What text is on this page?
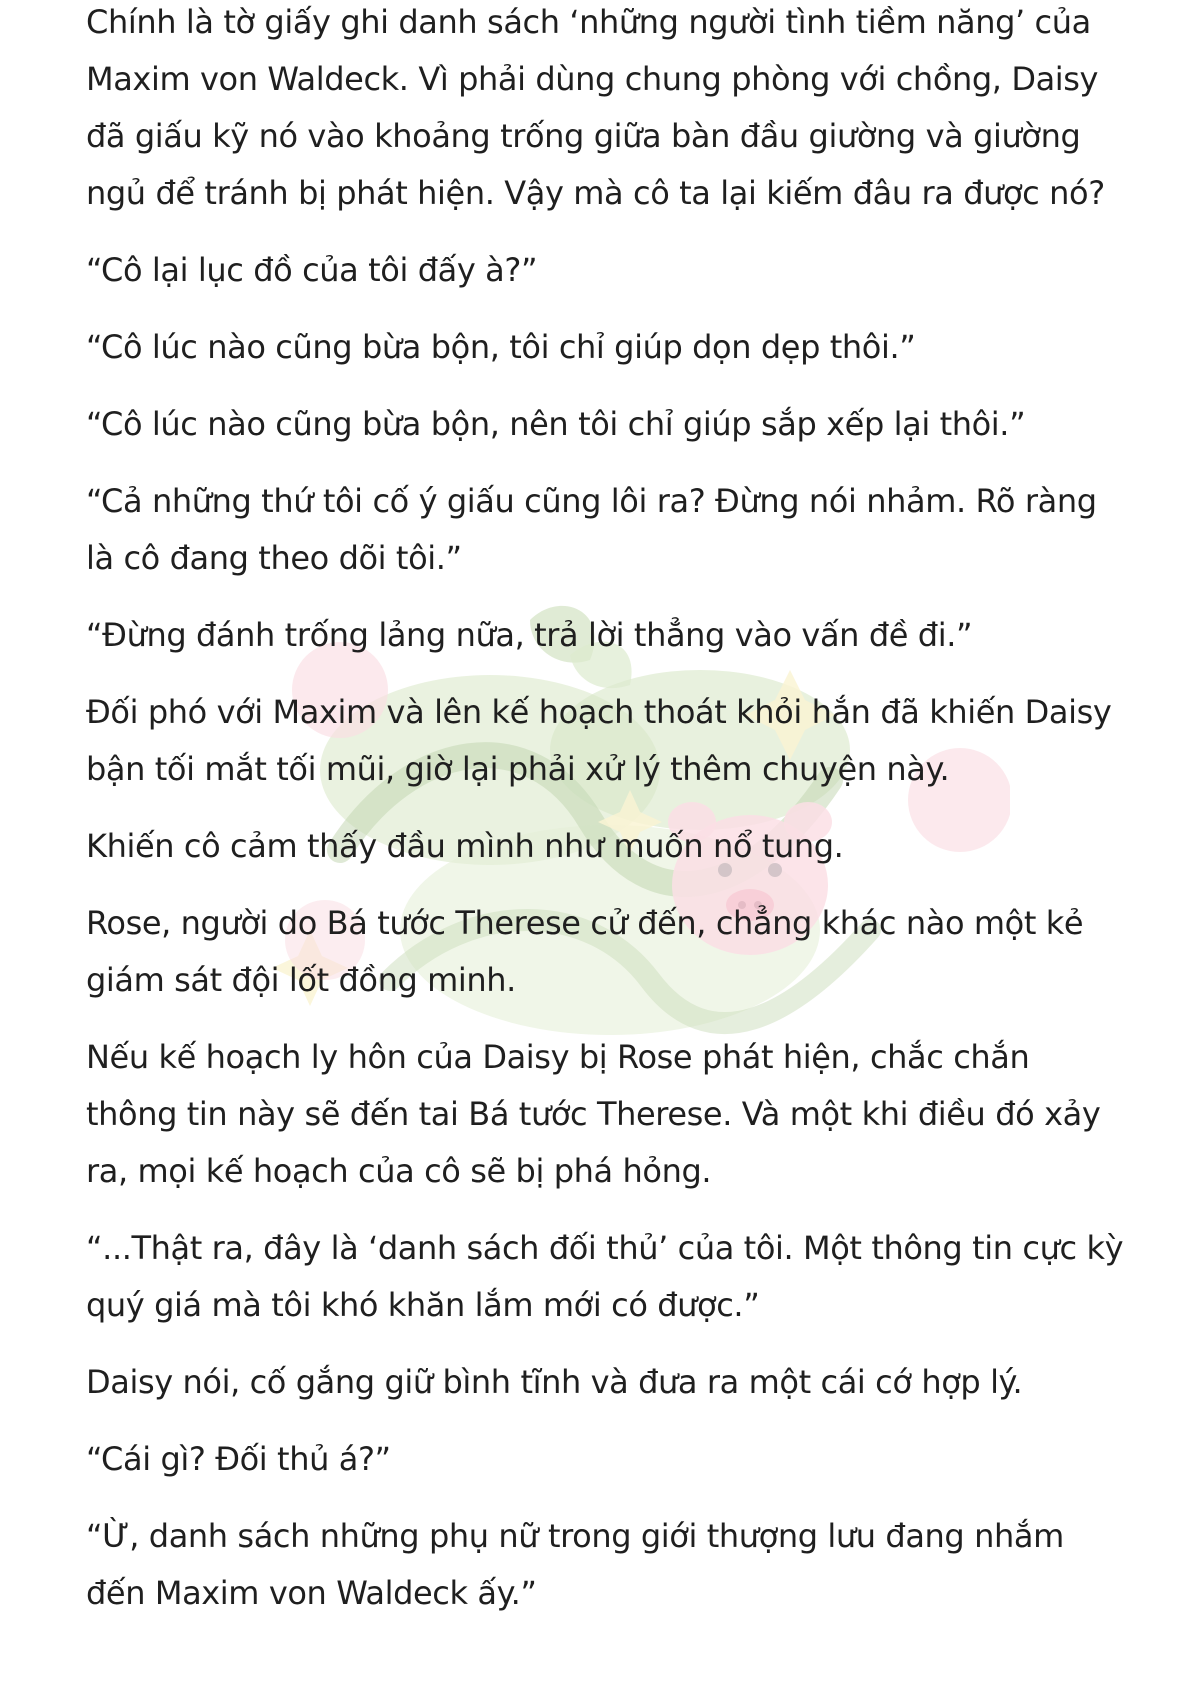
Chính là tờ giấy ghi danh sách ‘những người tình tiềm năng’ của Maxim von Waldeck. Vì phải dùng chung phòng với chồng, Daisy đã giấu kỹ nó vào khoảng trống giữa bàn đầu giường và giường ngủ để tránh bị phát hiện. Vậy mà cô ta lại kiếm đâu ra được nó?

“Cô lại lục đồ của tôi đấy à?”

“Cô lúc nào cũng bừa bộn, tôi chỉ giúp dọn dẹp thôi.”

“Cô lúc nào cũng bừa bộn, nên tôi chỉ giúp sắp xếp lại thôi.”

“Cả những thứ tôi cố ý giấu cũng lôi ra? Đừng nói nhảm. Rõ ràng là cô đang theo dõi tôi.”

“Đừng đánh trống lảng nữa, trả lời thẳng vào vấn đề đi.”

Đối phó với Maxim và lên kế hoạch thoát khỏi hắn đã khiến Daisy bận tối mắt tối mũi, giờ lại phải xử lý thêm chuyện này.

Khiến cô cảm thấy đầu mình như muốn nổ tung.

Rose, người do Bá tước Therese cử đến, chẳng khác nào một kẻ giám sát đội lốt đồng minh.

Nếu kế hoạch ly hôn của Daisy bị Rose phát hiện, chắc chắn thông tin này sẽ đến tai Bá tước Therese. Và một khi điều đó xảy ra, mọi kế hoạch của cô sẽ bị phá hỏng.

“...Thật ra, đây là ‘danh sách đối thủ’ của tôi. Một thông tin cực kỳ quý giá mà tôi khó khăn lắm mới có được.”

Daisy nói, cố gắng giữ bình tĩnh và đưa ra một cái cớ hợp lý.

“Cái gì? Đối thủ á?”

“Ừ, danh sách những phụ nữ trong giới thượng lưu đang nhắm đến Maxim von Waldeck ấy.”
